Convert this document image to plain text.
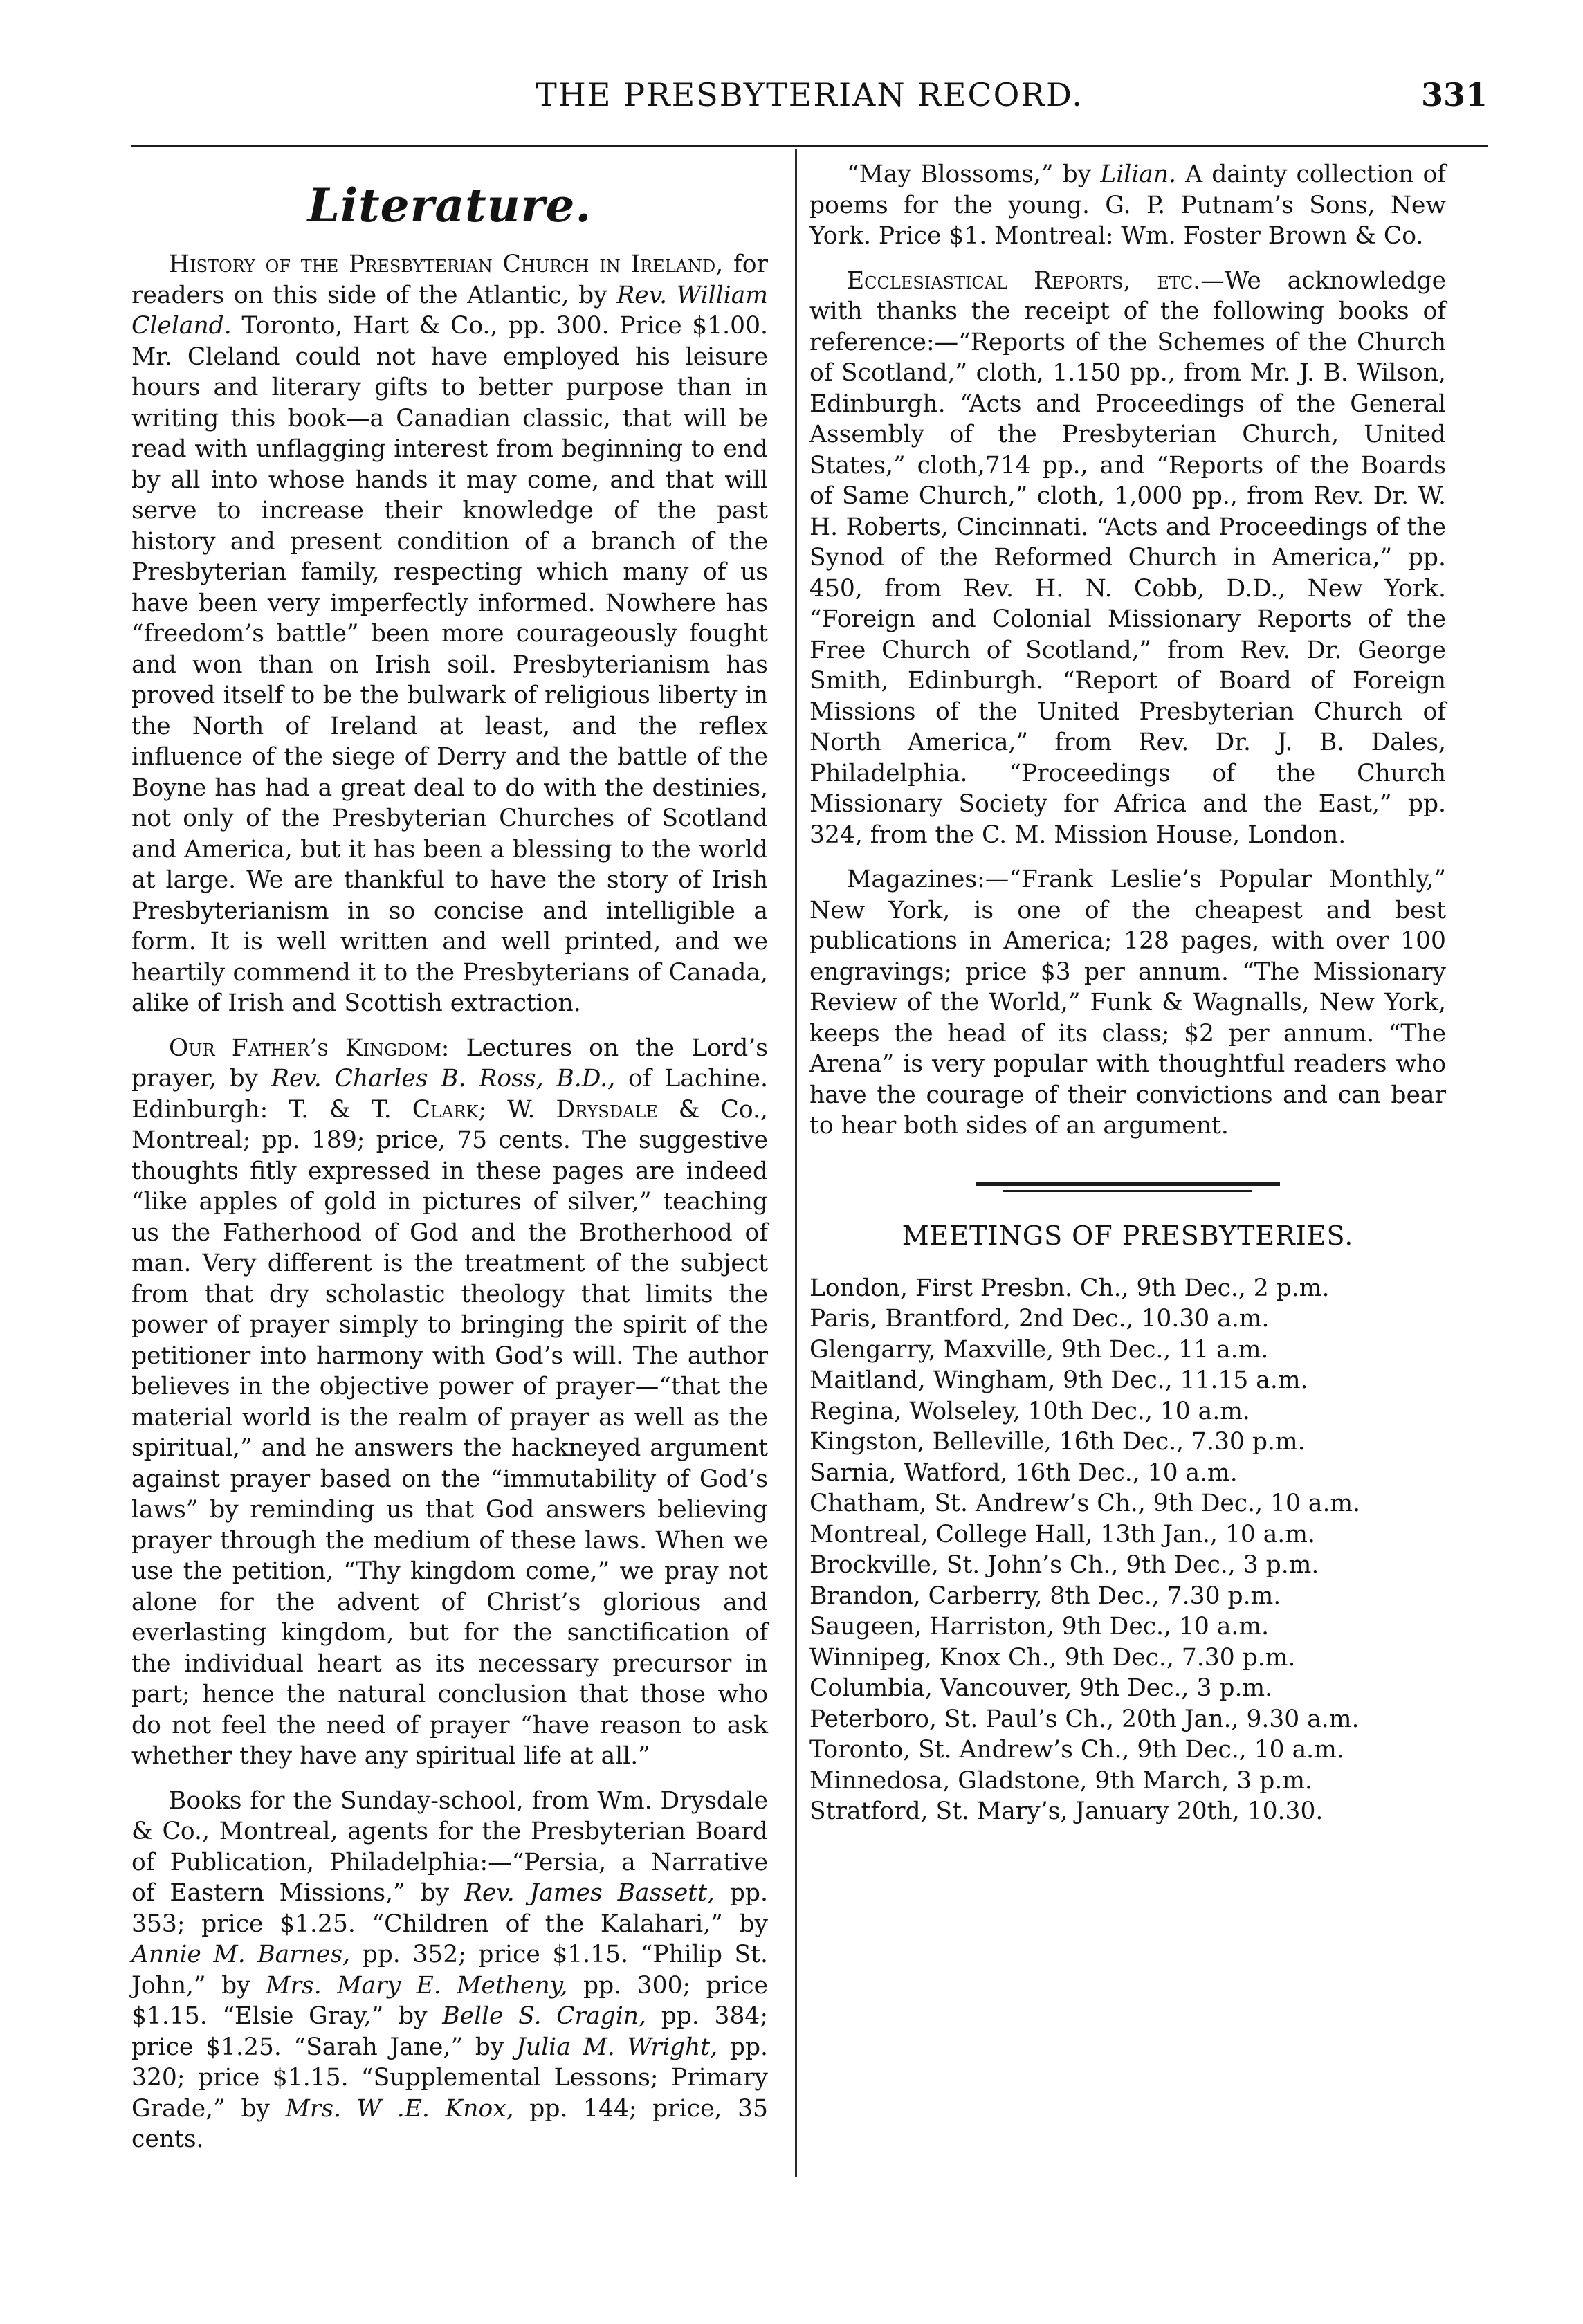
THE PRESBYTERIAN RECORD.	331
Literature.

History of the Presbyterian Church in Ireland, for readers on this side of the Atlantic, by Rev. William Cleland. Toronto, Hart & Co., pp. 300. Price $1.00. Mr. Cleland could not have employed his leisure hours and literary gifts to better purpose than in writing this book—a Canadian classic, that will be read with unflagging interest from beginning to end by all into whose hands it may come, and that will serve to increase their knowledge of the past history and present condition of a branch of the Presbyterian family, respecting which many of us have been very imperfectly informed. Nowhere has “freedom’s battle” been more courageously fought and won than on Irish soil. Presbyterianism has proved itself to be the bulwark of religious liberty in the North of Ireland at least, and the reflex influence of the siege of Derry and the battle of the Boyne has had a great deal to do with the destinies, not only of the Presbyterian Churches of Scotland and America, but it has been a blessing to the world at large. We are thankful to have the story of Irish Presbyterianism in so concise and intelligible a form. It is well written and well printed, and we heartily commend it to the Presbyterians of Canada, alike of Irish and Scottish extraction.

Our Father’s Kingdom: Lectures on the Lord’s prayer, by Rev. Charles B. Ross, B.D., of Lachine. Edinburgh: T. & T. Clark; W. Drysdale & Co., Montreal; pp. 189; price, 75 cents. The suggestive thoughts fitly expressed in these pages are indeed “like apples of gold in pictures of silver,” teaching us the Fatherhood of God and the Brotherhood of man. Very different is the treatment of the subject from that dry scholastic theology that limits the power of prayer simply to bringing the spirit of the petitioner into harmony with God’s will. The author believes in the objective power of prayer—“that the material world is the realm of prayer as well as the spiritual,” and he answers the hackneyed argument against prayer based on the “immutability of God’s laws” by reminding us that God answers believing prayer through the medium of these laws. When we use the petition, “Thy kingdom come,” we pray not alone for the advent of Christ’s glorious and everlasting kingdom, but for the sanctification of the individual heart as its necessary precursor in part; hence the natural conclusion that those who do not feel the need of prayer “have reason to ask whether they have any spiritual life at all.”

Books for the Sunday-school, from Wm. Drysdale & Co., Montreal, agents for the Presbyterian Board of Publication, Philadelphia:—“Persia, a Narrative of Eastern Missions,” by Rev. James Bassett, pp. 353; price $1.25. “Children of the Kalahari,” by Annie M. Barnes, pp. 352; price $1.15. “Philip St. John,” by Mrs. Mary E. Metheny, pp. 300; price $1.15. “Elsie Gray,” by Belle S. Cragin, pp. 384; price $1.25. “Sarah Jane,” by Julia M. Wright, pp. 320; price $1.15. “Supplemental Lessons; Primary Grade,” by Mrs. W .E. Knox, pp. 144; price, 35 cents.

“May Blossoms,” by Lilian. A dainty collection of poems for the young. G. P. Putnam’s Sons, New York. Price $1. Montreal: Wm. Foster Brown & Co.

Ecclesiastical Reports, etc.—We acknowledge with thanks the receipt of the following books of reference:—“Reports of the Schemes of the Church of Scotland,” cloth, 1.150 pp., from Mr. J. B. Wilson, Edinburgh. “Acts and Proceedings of the General Assembly of the Presbyterian Church, United States,” cloth,714 pp., and “Reports of the Boards of Same Church,” cloth, 1,000 pp., from Rev. Dr. W. H. Roberts, Cincinnati. “Acts and Proceedings of the Synod of the Reformed Church in America,” pp. 450, from Rev. H. N. Cobb, D.D., New York. “Foreign and Colonial Missionary Reports of the Free Church of Scotland,” from Rev. Dr. George Smith, Edinburgh. “Report of Board of Foreign Missions of the United Presbyterian Church of North America,” from Rev. Dr. J. B. Dales, Philadelphia. “Proceedings of the Church Missionary Society for Africa and the East,” pp. 324, from the C. M. Mission House, London.

Magazines:—“Frank Leslie’s Popular Monthly,” New York, is one of the cheapest and best publications in America; 128 pages, with over 100 engravings; price $3 per annum. “The Missionary Review of the World,” Funk & Wagnalls, New York, keeps the head of its class; $2 per annum. “The Arena” is very popular with thoughtful readers who have the courage of their convictions and can bear to hear both sides of an argument.

MEETINGS OF PRESBYTERIES.
London, First Presbn. Ch., 9th Dec., 2 p.m.
Paris, Brantford, 2nd Dec., 10.30 a.m.
Glengarry, Maxville, 9th Dec., 11 a.m.
Maitland, Wingham, 9th Dec., 11.15 a.m.
Regina, Wolseley, 10th Dec., 10 a.m.
Kingston, Belleville, 16th Dec., 7.30 p.m.
Sarnia, Watford, 16th Dec., 10 a.m.
Chatham, St. Andrew’s Ch., 9th Dec., 10 a.m.
Montreal, College Hall, 13th Jan., 10 a.m.
Brockville, St. John’s Ch., 9th Dec., 3 p.m.
Brandon, Carberry, 8th Dec., 7.30 p.m.
Saugeen, Harriston, 9th Dec., 10 a.m.
Winnipeg, Knox Ch., 9th Dec., 7.30 p.m.
Columbia, Vancouver, 9th Dec., 3 p.m.
Peterboro, St. Paul’s Ch., 20th Jan., 9.30 a.m.
Toronto, St. Andrew’s Ch., 9th Dec., 10 a.m.
Minnedosa, Gladstone, 9th March, 3 p.m.
Stratford, St. Mary’s, January 20th, 10.30.
